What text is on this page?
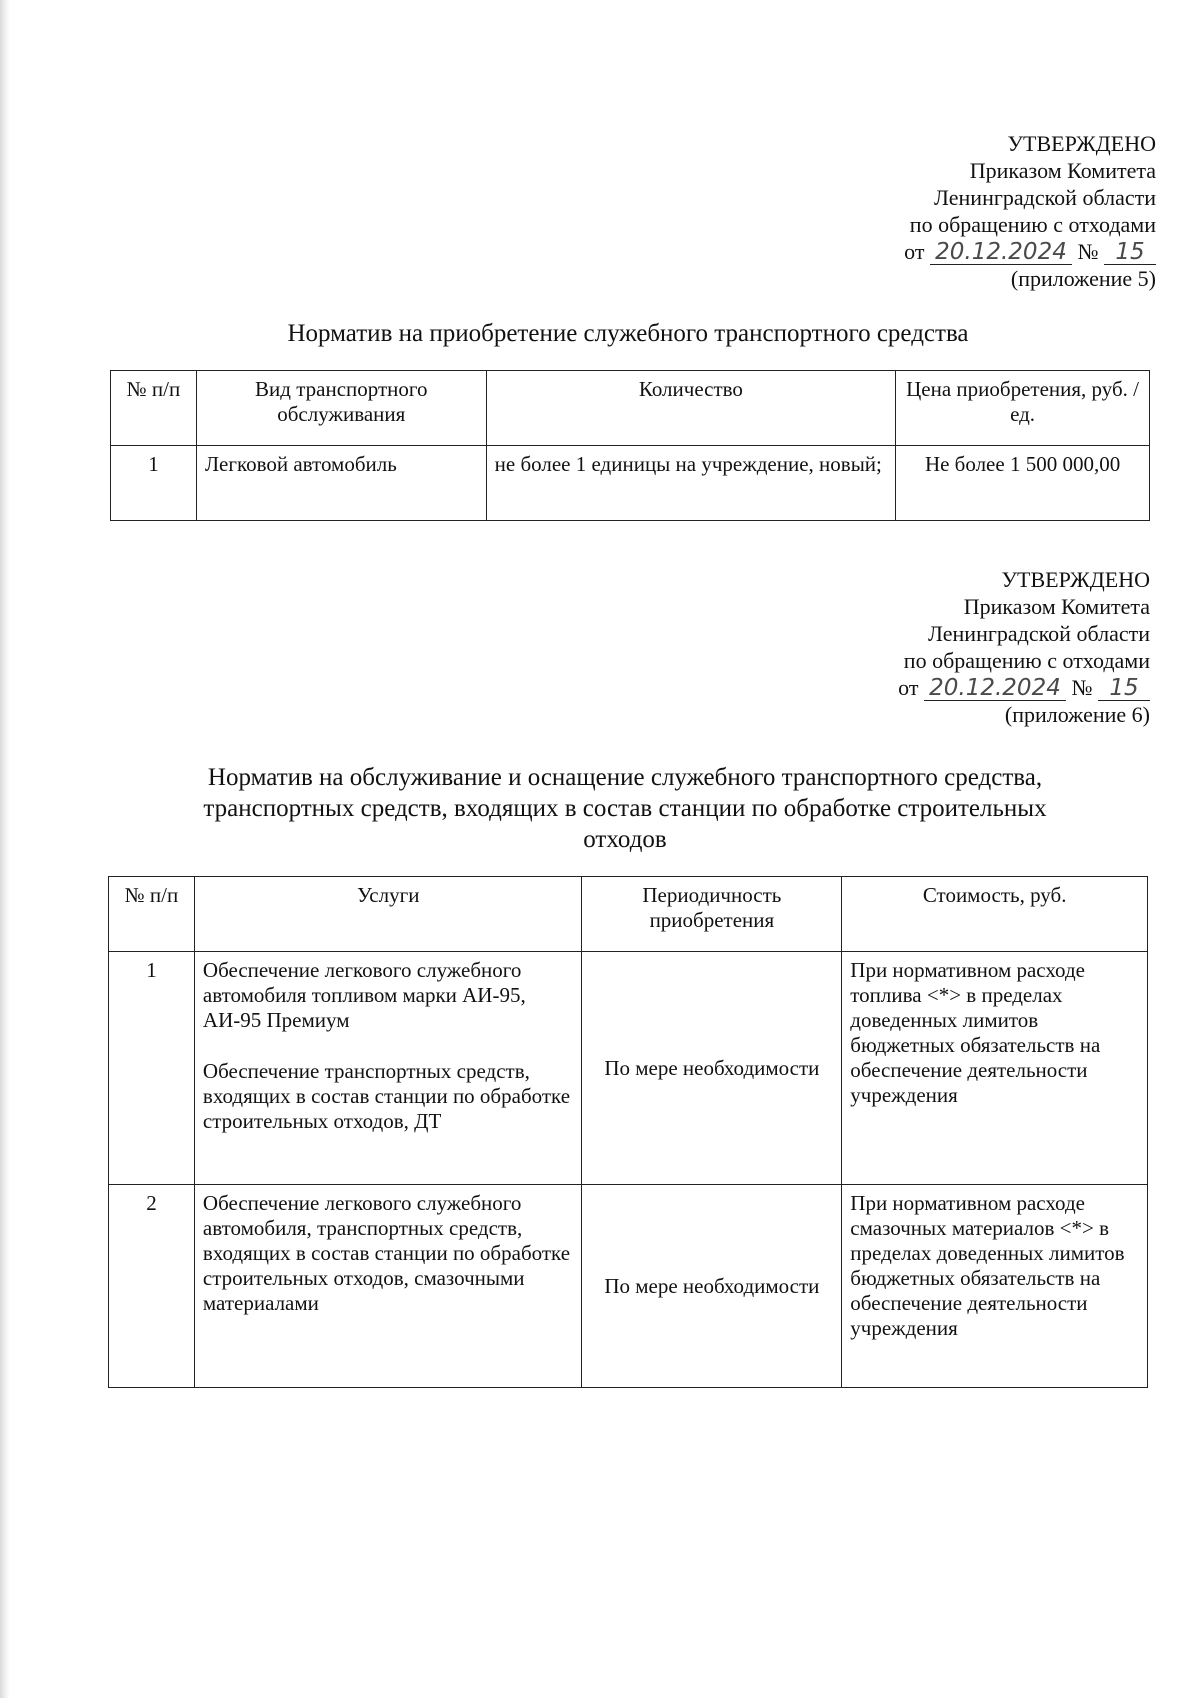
УТВЕРЖДЕНО
Приказом Комитета
Ленинградской области
по обращению с отходами
от 20.12.2024 № 15
(приложение 5)
Норматив на приобретение служебного транспортного средства
№ п/п	Вид транспортного обслуживания	Количество	Цена приобретения, руб. /ед.
1	Легковой автомобиль	не более 1 единицы на учреждение, новый;	Не более 1 500 000,00
УТВЕРЖДЕНО
Приказом Комитета
Ленинградской области
по обращению с отходами
от 20.12.2024 № 15
(приложение 6)
Норматив на обслуживание и оснащение служебного транспортного средства,
транспортных средств, входящих в состав станции по обработке строительных
отходов
№ п/п	Услуги	Периодичность приобретения	Стоимость, руб.
1	Обеспечение легкового служебного автомобиля топливом марки АИ-95, АИ-95 Премиум
Обеспечение транспортных средств, входящих в состав станции по обработке строительных отходов, ДТ	По мере необходимости	При нормативном расходе топлива <*> в пределах доведенных лимитов бюджетных обязательств на обеспечение деятельности учреждения
2	Обеспечение легкового служебного автомобиля, транспортных средств, входящих в состав станции по обработке строительных отходов, смазочными материалами	По мере необходимости	При нормативном расходе смазочных материалов <*> в пределах доведенных лимитов бюджетных обязательств на обеспечение деятельности учреждения
